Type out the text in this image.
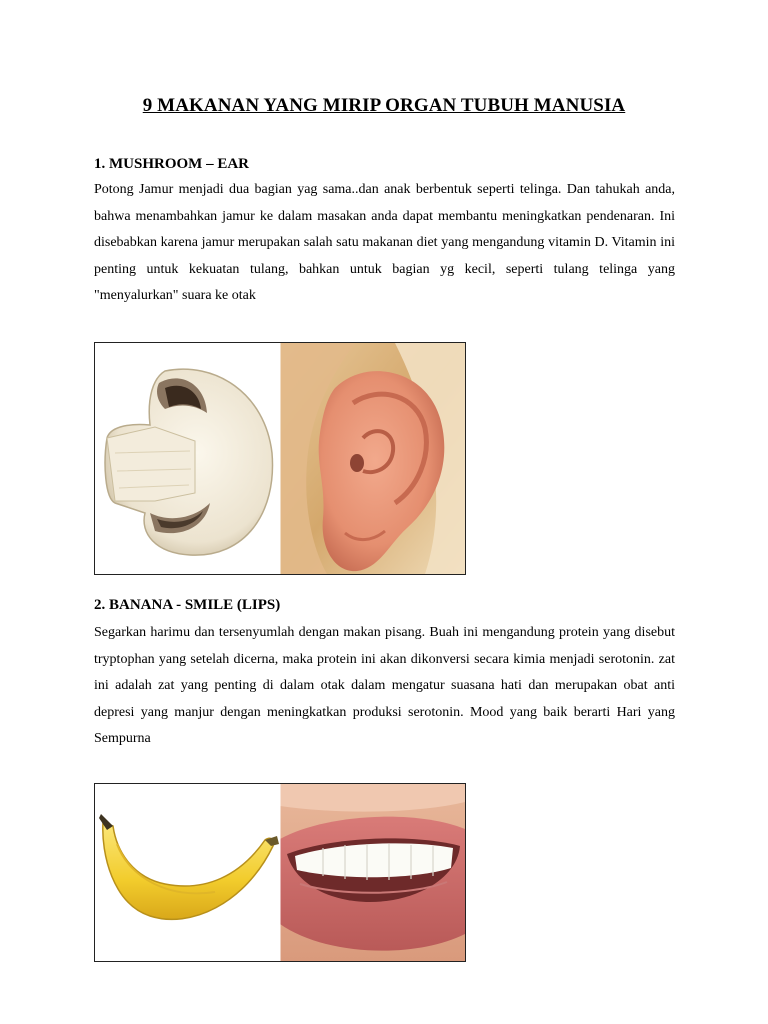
9 MAKANAN YANG MIRIP ORGAN TUBUH MANUSIA
1. MUSHROOM – EAR
Potong Jamur menjadi dua bagian yag sama..dan anak berbentuk seperti telinga. Dan tahukah anda, bahwa menambahkan jamur ke dalam masakan anda dapat membantu meningkatkan pendenaran. Ini disebabkan karena jamur merupakan salah satu makanan diet yang mengandung vitamin D. Vitamin ini penting untuk kekuatan tulang, bahkan untuk bagian yg kecil, seperti tulang telinga yang "menyalurkan" suara ke otak
2. BANANA - SMILE (LIPS)
Segarkan harimu dan tersenyumlah dengan makan pisang. Buah ini mengandung protein yang disebut tryptophan yang setelah dicerna, maka protein ini akan dikonversi secara kimia menjadi serotonin. zat ini adalah zat yang penting di dalam otak dalam mengatur suasana hati dan merupakan obat anti depresi yang manjur dengan meningkatkan produksi serotonin. Mood yang baik berarti Hari yang Sempurna
